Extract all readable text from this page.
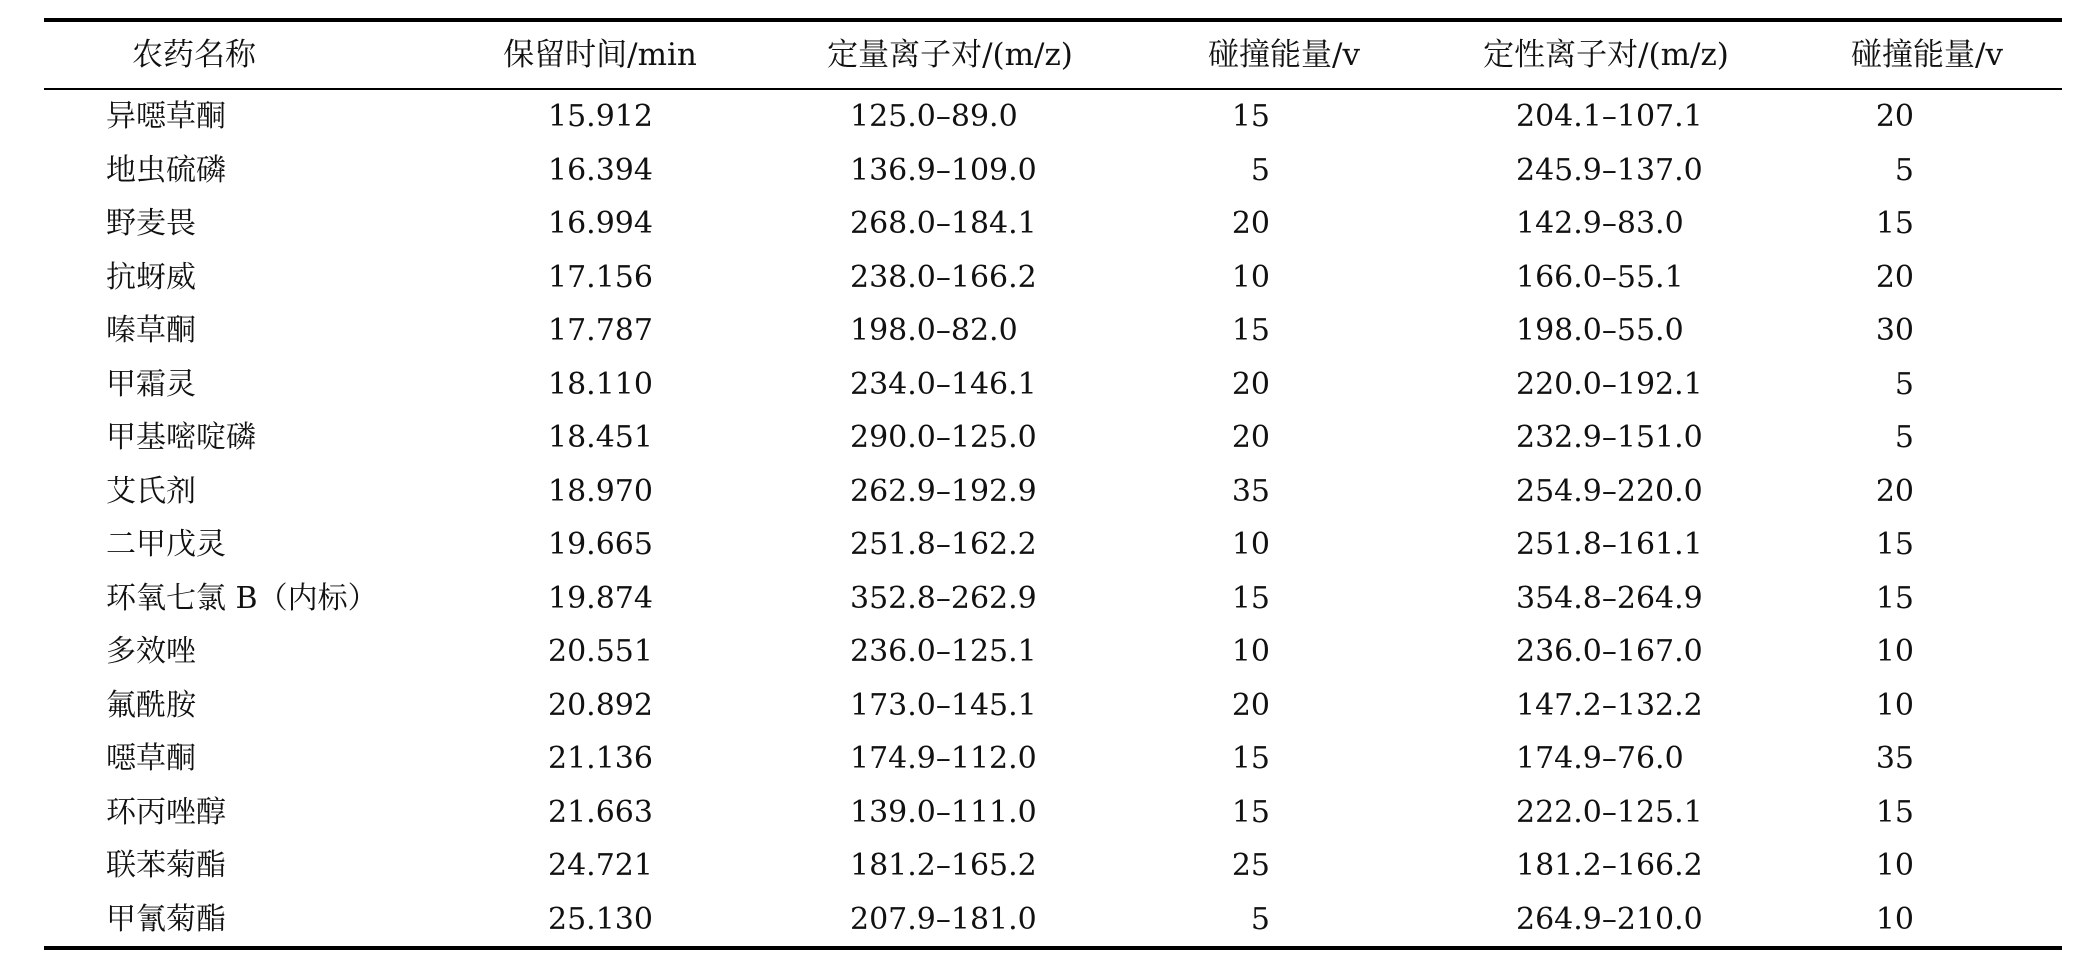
农药名称	保留时间/min	定量离子对/(m/z)	碰撞能量/v	定性离子对/(m/z)	碰撞能量/v
异噁草酮	15.912	125.0–89.0	15	204.1–107.1	20
地虫硫磷	16.394	136.9–109.0	5	245.9–137.0	5
野麦畏	16.994	268.0–184.1	20	142.9–83.0	15
抗蚜威	17.156	238.0–166.2	10	166.0–55.1	20
嗪草酮	17.787	198.0–82.0	15	198.0–55.0	30
甲霜灵	18.110	234.0–146.1	20	220.0–192.1	5
甲基嘧啶磷	18.451	290.0–125.0	20	232.9–151.0	5
艾氏剂	18.970	262.9–192.9	35	254.9–220.0	20
二甲戊灵	19.665	251.8–162.2	10	251.8–161.1	15
环氧七氯 B（内标）	19.874	352.8–262.9	15	354.8–264.9	15
多效唑	20.551	236.0–125.1	10	236.0–167.0	10
氟酰胺	20.892	173.0–145.1	20	147.2–132.2	10
噁草酮	21.136	174.9–112.0	15	174.9–76.0	35
环丙唑醇	21.663	139.0–111.0	15	222.0–125.1	15
联苯菊酯	24.721	181.2–165.2	25	181.2–166.2	10
甲氰菊酯	25.130	207.9–181.0	5	264.9–210.0	10
